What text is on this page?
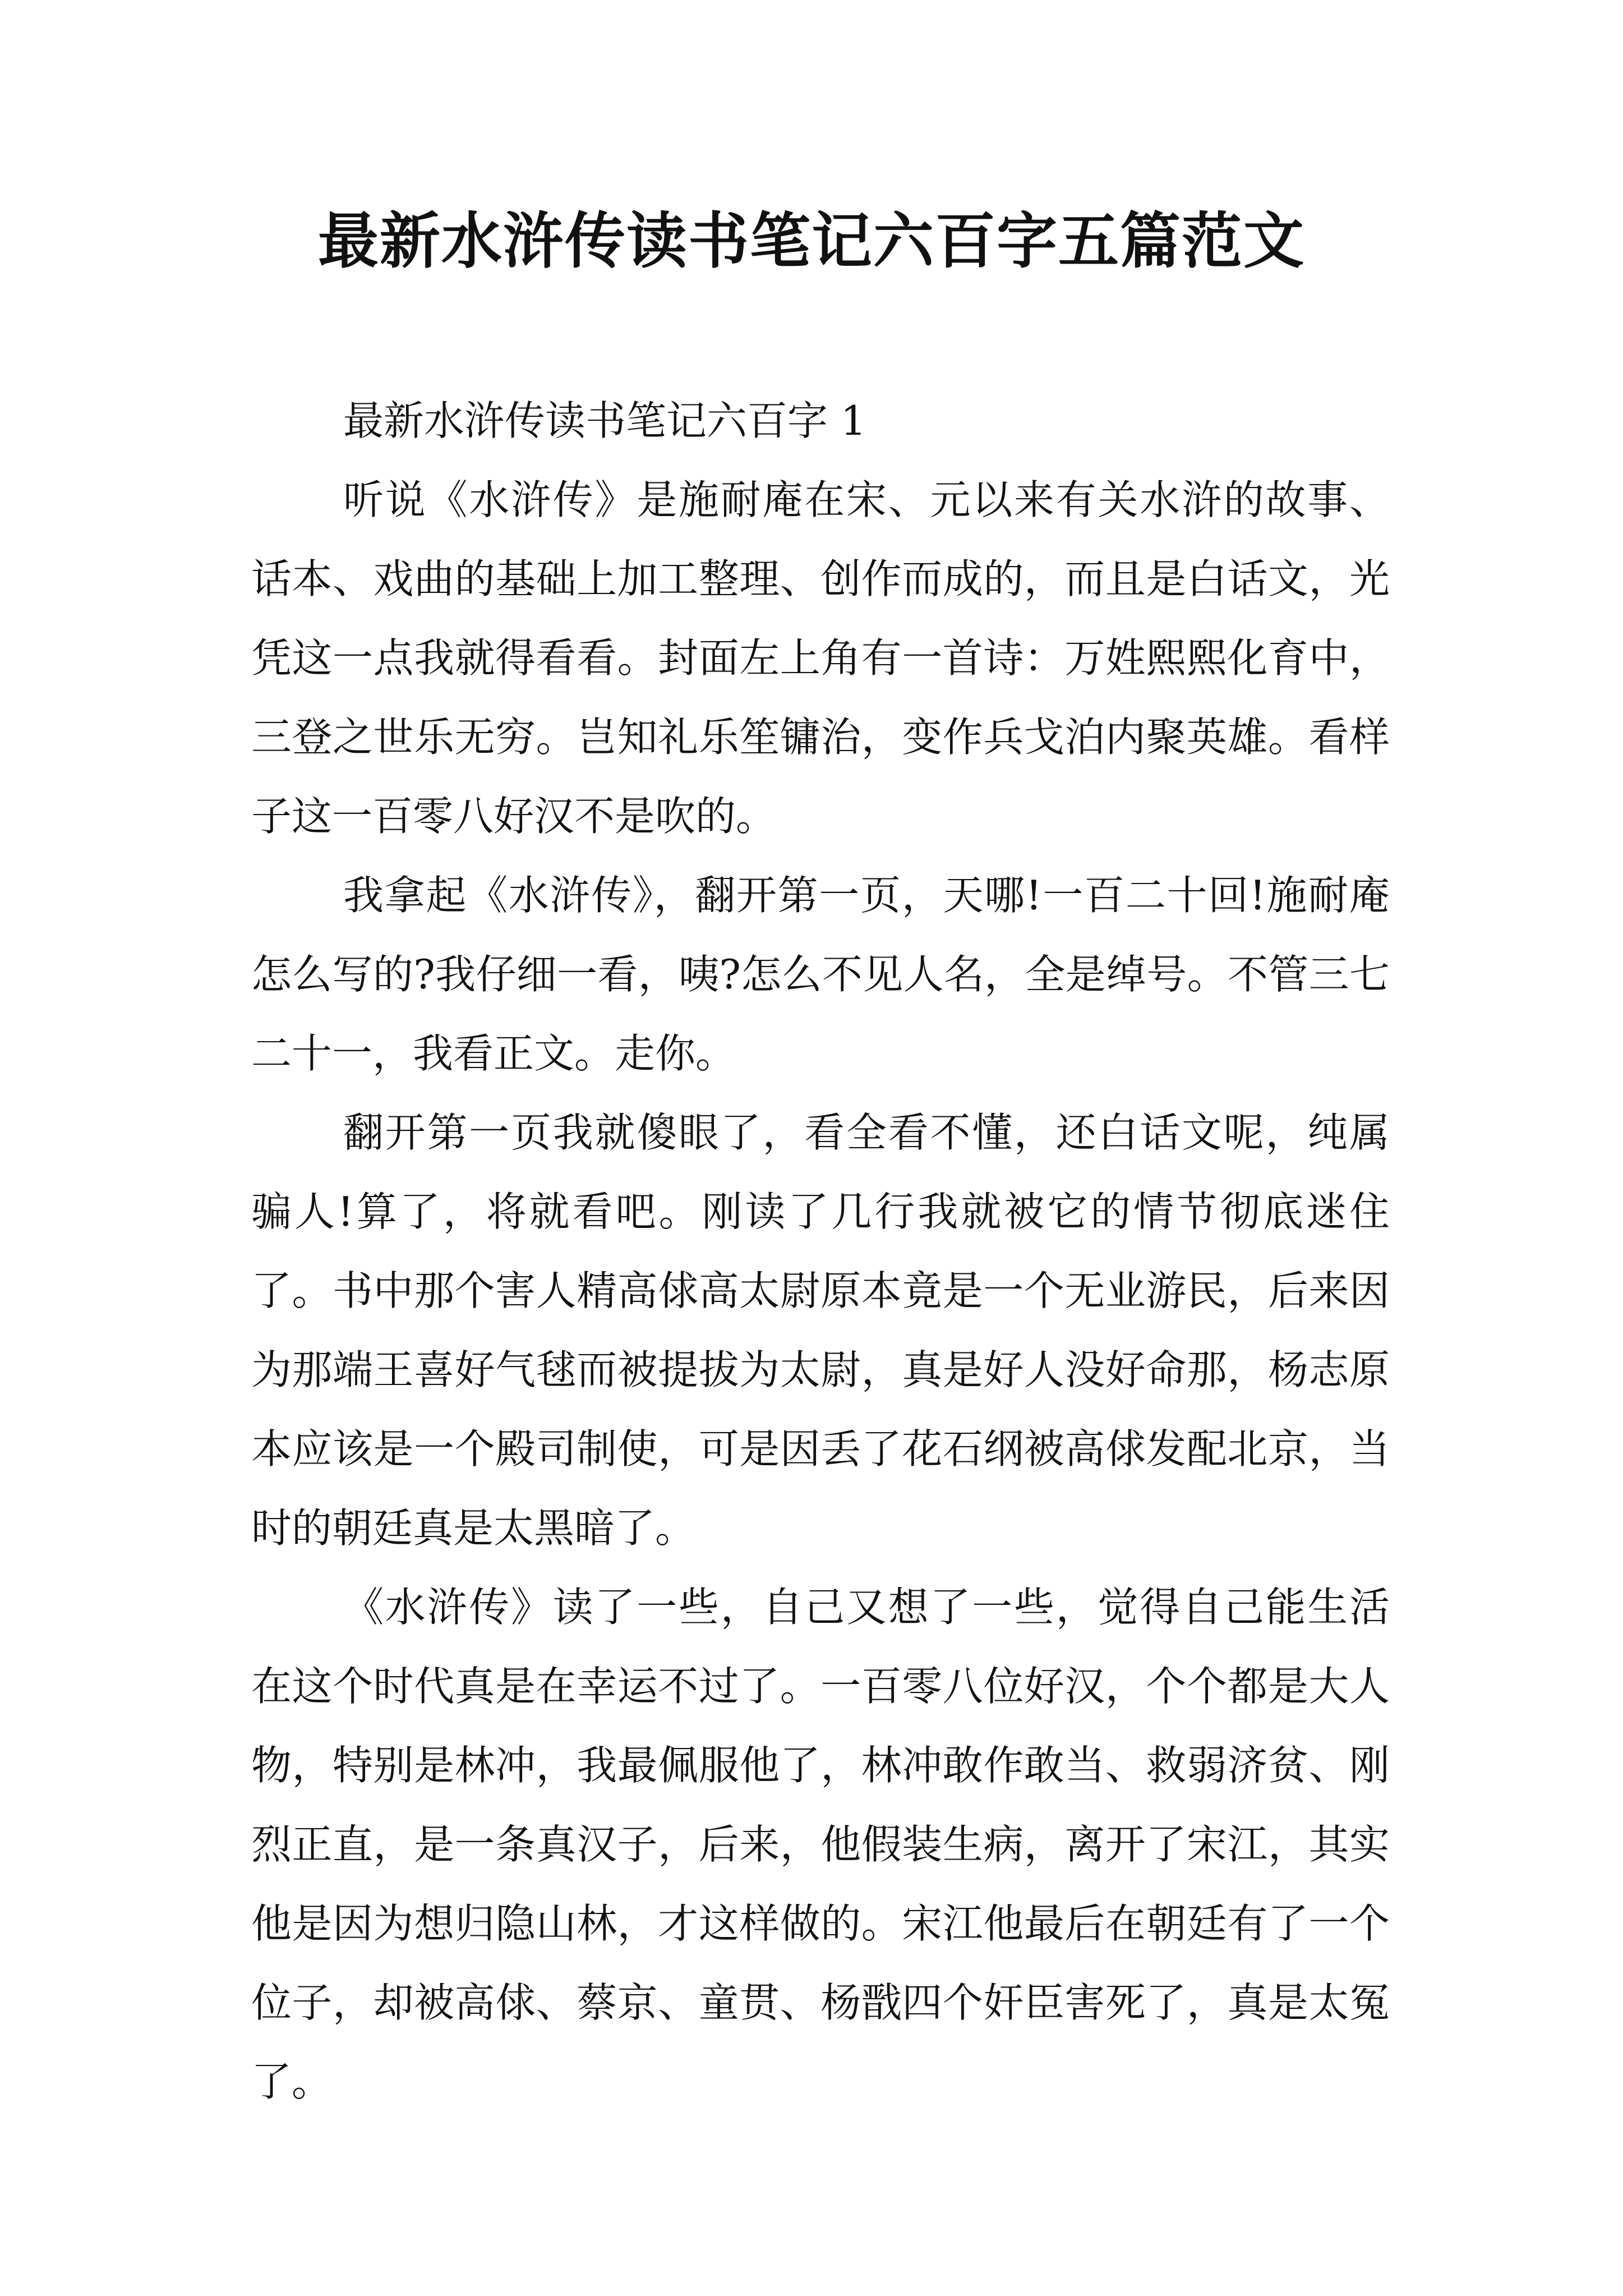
最新水浒传读书笔记六百字五篇范文

最新水浒传读书笔记六百字 1

听说《水浒传》是施耐庵在宋、元以来有关水浒的故事、话本、戏曲的基础上加工整理、创作而成的，而且是白话文，光凭这一点我就得看看。封面左上角有一首诗：万姓熙熙化育中，三登之世乐无穷。岂知礼乐笙镛治，变作兵戈泊内聚英雄。看样子这一百零八好汉不是吹的。

我拿起《水浒传》，翻开第一页，天哪!一百二十回!施耐庵怎么写的?我仔细一看，咦?怎么不见人名，全是绰号。不管三七二十一，我看正文。走你。

翻开第一页我就傻眼了，看全看不懂，还白话文呢，纯属骗人!算了，将就看吧。刚读了几行我就被它的情节彻底迷住了。书中那个害人精高俅高太尉原本竟是一个无业游民，后来因为那端王喜好气毬而被提拔为太尉，真是好人没好命那，杨志原本应该是一个殿司制使，可是因丢了花石纲被高俅发配北京，当时的朝廷真是太黑暗了。

《水浒传》读了一些，自己又想了一些，觉得自己能生活在这个时代真是在幸运不过了。一百零八位好汉，个个都是大人物，特别是林冲，我最佩服他了，林冲敢作敢当、救弱济贫、刚烈正直，是一条真汉子，后来，他假装生病，离开了宋江，其实他是因为想归隐山林，才这样做的。宋江他最后在朝廷有了一个位子，却被高俅、蔡京、童贯、杨戬四个奸臣害死了，真是太冤了。
